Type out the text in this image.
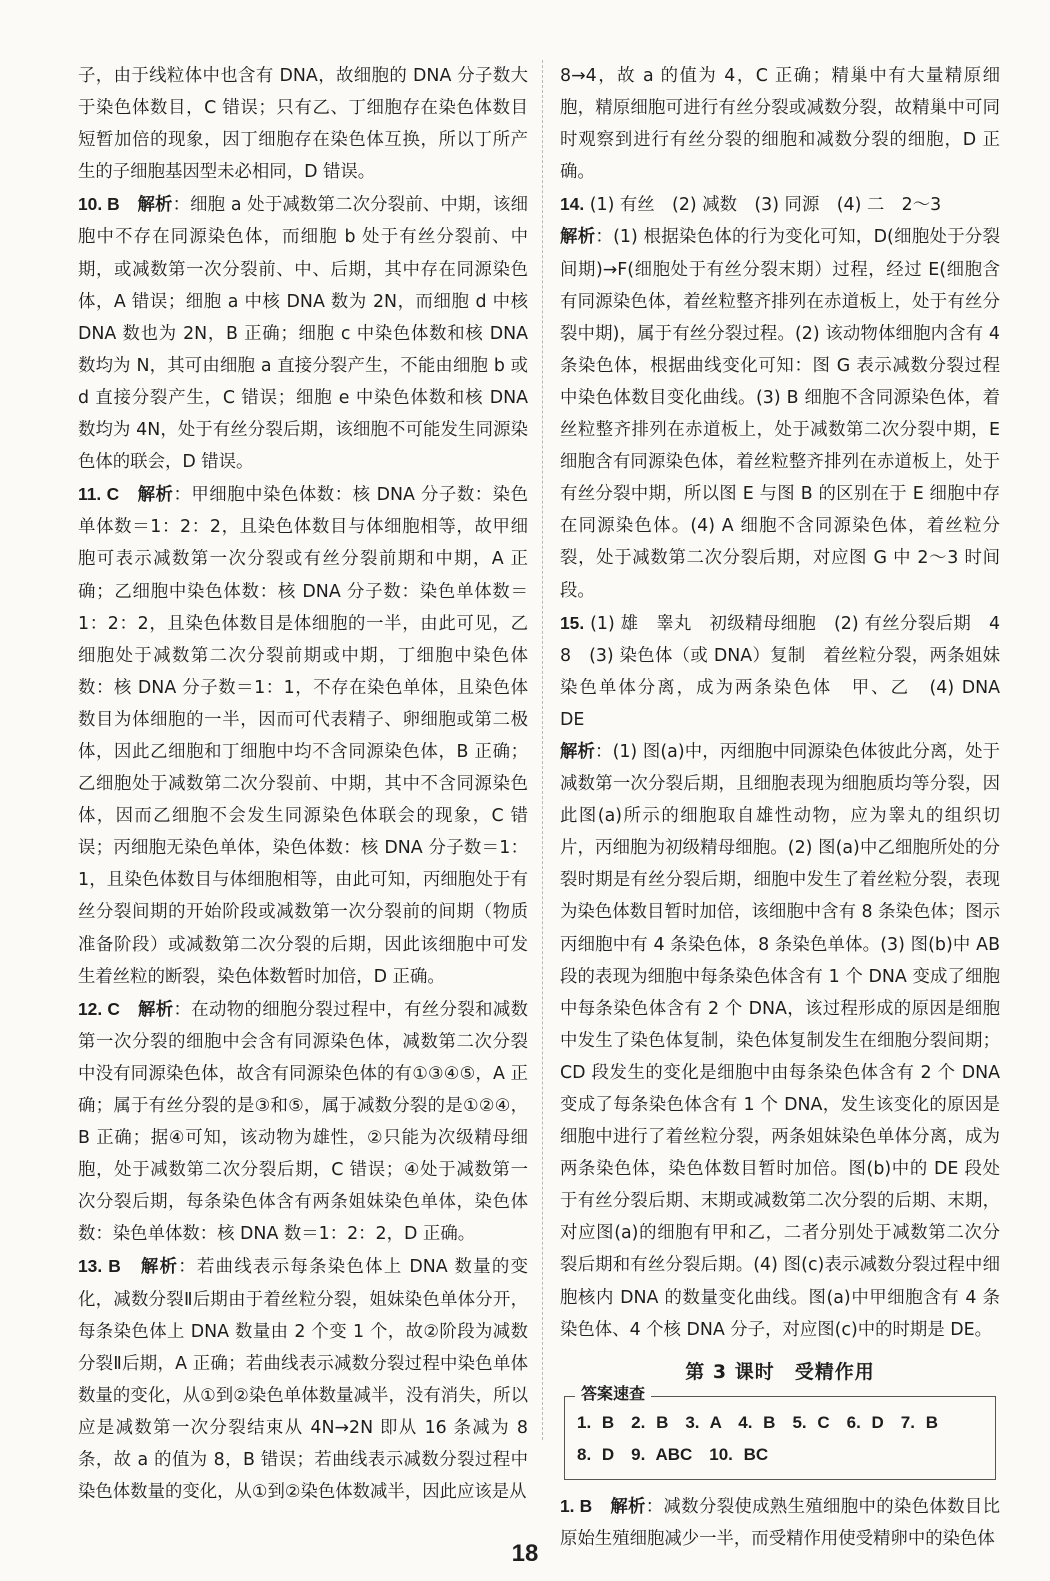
子，由于线粒体中也含有 DNA，故细胞的 DNA 分子数大于染色体数目，C 错误；只有乙、丁细胞存在染色体数目短暂加倍的现象，因丁细胞存在染色体互换，所以丁所产生的子细胞基因型未必相同，D 错误。

10. B　 解析：细胞 a 处于减数第二次分裂前、中期，该细胞中不存在同源染色体，而细胞 b 处于有丝分裂前、中期，或减数第一次分裂前、中、后期，其中存在同源染色体，A 错误；细胞 a 中核 DNA 数为 2N，而细胞 d 中核 DNA 数也为 2N，B 正确；细胞 c 中染色体数和核 DNA 数均为 N，其可由细胞 a 直接分裂产生，不能由细胞 b 或 d 直接分裂产生，C 错误；细胞 e 中染色体数和核 DNA 数均为 4N，处于有丝分裂后期，该细胞不可能发生同源染色体的联会，D 错误。

11. C　 解析：甲细胞中染色体数：核 DNA 分子数：染色单体数＝1：2：2，且染色体数目与体细胞相等，故甲细胞可表示减数第一次分裂或有丝分裂前期和中期，A 正确；乙细胞中染色体数：核 DNA 分子数：染色单体数＝1：2：2，且染色体数目是体细胞的一半，由此可见，乙细胞处于减数第二次分裂前期或中期，丁细胞中染色体数：核 DNA 分子数＝1：1，不存在染色单体，且染色体数目为体细胞的一半，因而可代表精子、卵细胞或第二极体，因此乙细胞和丁细胞中均不含同源染色体，B 正确；乙细胞处于减数第二次分裂前、中期，其中不含同源染色体，因而乙细胞不会发生同源染色体联会的现象，C 错误；丙细胞无染色单体，染色体数：核 DNA 分子数＝1：1，且染色体数目与体细胞相等，由此可知，丙细胞处于有丝分裂间期的开始阶段或减数第一次分裂前的间期（物质准备阶段）或减数第二次分裂的后期，因此该细胞中可发生着丝粒的断裂，染色体数暂时加倍，D 正确。

12. C　 解析：在动物的细胞分裂过程中，有丝分裂和减数第一次分裂的细胞中会含有同源染色体，减数第二次分裂中没有同源染色体，故含有同源染色体的有①③④⑤，A 正确；属于有丝分裂的是③和⑤，属于减数分裂的是①②④，B 正确；据④可知，该动物为雄性，②只能为次级精母细胞，处于减数第二次分裂后期，C 错误；④处于减数第一次分裂后期，每条染色体含有两条姐妹染色单体，染色体数：染色单体数：核 DNA 数＝1：2：2，D 正确。

13. B　 解析：若曲线表示每条染色体上 DNA 数量的变化，减数分裂Ⅱ后期由于着丝粒分裂，姐妹染色单体分开，每条染色体上 DNA 数量由 2 个变 1 个，故②阶段为减数分裂Ⅱ后期，A 正确；若曲线表示减数分裂过程中染色单体数量的变化，从①到②染色单体数量减半，没有消失，所以应是减数第一次分裂结束从 4N→2N 即从 16 条减为 8 条，故 a 的值为 8，B 错误；若曲线表示减数分裂过程中染色体数量的变化，从①到②染色体数减半，因此应该是从

8→4，故 a 的值为 4，C 正确；精巢中有大量精原细胞，精原细胞可进行有丝分裂或减数分裂，故精巢中可同时观察到进行有丝分裂的细胞和减数分裂的细胞，D 正确。

14. (1) 有丝　(2) 减数　(3) 同源　(4) 二　2～3

解析：(1) 根据染色体的行为变化可知，D(细胞处于分裂间期)→F(细胞处于有丝分裂末期）过程，经过 E(细胞含有同源染色体，着丝粒整齐排列在赤道板上，处于有丝分裂中期)，属于有丝分裂过程。(2) 该动物体细胞内含有 4 条染色体，根据曲线变化可知：图 G 表示减数分裂过程中染色体数目变化曲线。(3) B 细胞不含同源染色体，着丝粒整齐排列在赤道板上，处于减数第二次分裂中期，E 细胞含有同源染色体，着丝粒整齐排列在赤道板上，处于有丝分裂中期，所以图 E 与图 B 的区别在于 E 细胞中存在同源染色体。(4) A 细胞不含同源染色体，着丝粒分裂，处于减数第二次分裂后期，对应图 G 中 2～3 时间段。

15. (1) 雄　睾丸　初级精母细胞　(2) 有丝分裂后期　4　8　(3) 染色体（或 DNA）复制　着丝粒分裂，两条姐妹染色单体分离，成为两条染色体　甲、乙　(4) DNA　DE

解析：(1) 图(a)中，丙细胞中同源染色体彼此分离，处于减数第一次分裂后期，且细胞表现为细胞质均等分裂，因此图(a)所示的细胞取自雄性动物，应为睾丸的组织切片，丙细胞为初级精母细胞。(2) 图(a)中乙细胞所处的分裂时期是有丝分裂后期，细胞中发生了着丝粒分裂，表现为染色体数目暂时加倍，该细胞中含有 8 条染色体；图示丙细胞中有 4 条染色体，8 条染色单体。(3) 图(b)中 AB 段的表现为细胞中每条染色体含有 1 个 DNA 变成了细胞中每条染色体含有 2 个 DNA，该过程形成的原因是细胞中发生了染色体复制，染色体复制发生在细胞分裂间期；CD 段发生的变化是细胞中由每条染色体含有 2 个 DNA 变成了每条染色体含有 1 个 DNA，发生该变化的原因是细胞中进行了着丝粒分裂，两条姐妹染色单体分离，成为两条染色体，染色体数目暂时加倍。图(b)中的 DE 段处于有丝分裂后期、末期或减数第二次分裂的后期、末期，对应图(a)的细胞有甲和乙，二者分别处于减数第二次分裂后期和有丝分裂后期。(4) 图(c)表示减数分裂过程中细胞核内 DNA 的数量变化曲线。图(a)中甲细胞含有 4 条染色体、4 个核 DNA 分子，对应图(c)中的时期是 DE。

第 3 课时　受精作用
答案速查
1. B　2. B　3. A　4. B　5. C　6. D　7. B
8. D　9. ABC　10. BC

1. B　 解析：减数分裂使成熟生殖细胞中的染色体数目比原始生殖细胞减少一半，而受精作用使受精卵中的染色体

18
